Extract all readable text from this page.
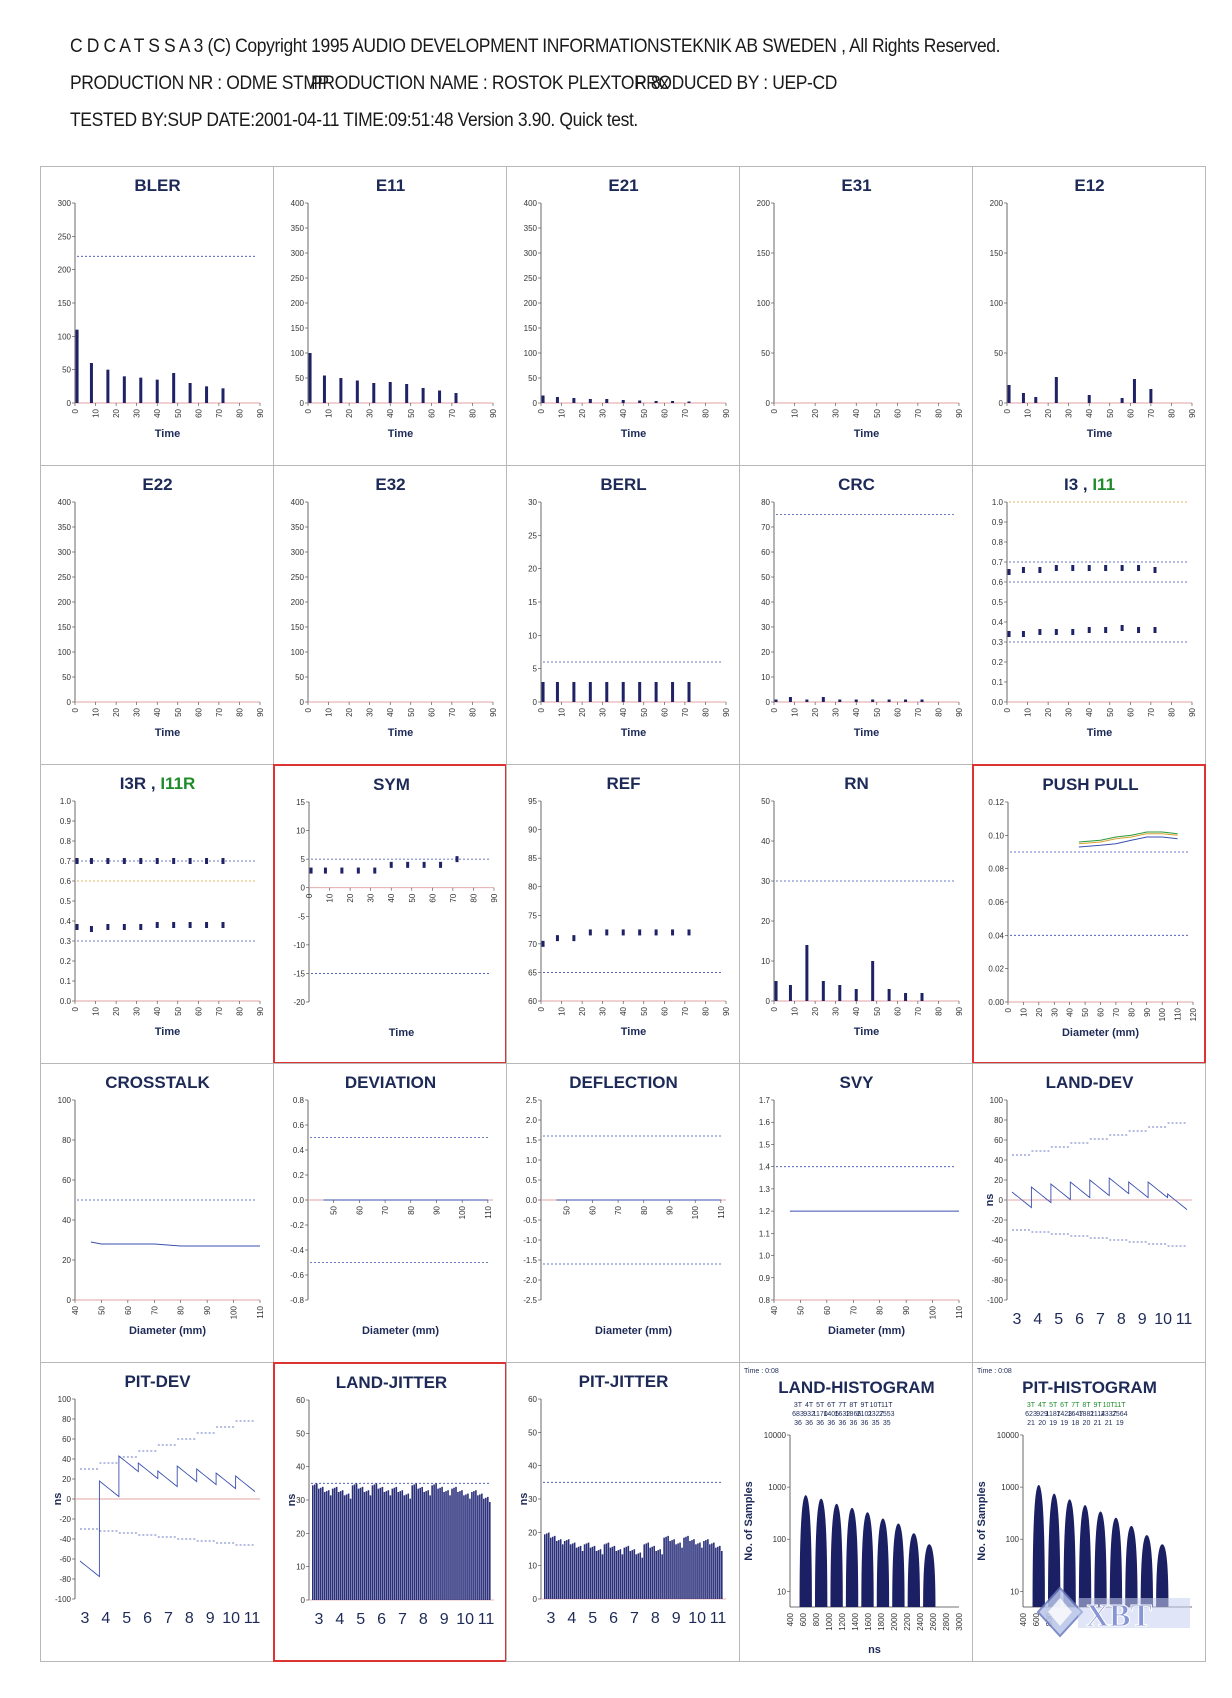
C D C A T S S A 3 (C) Copyright 1995 AUDIO DEVELOPMENT INFORMATIONSTEKNIK AB SWEDEN , All Rights Reserved.
PRODUCTION NR : ODME STMPPRODUCTION NAME : ROSTOK PLEXTOR 8xPRODUCED BY : UEP-CD
TESTED BY:SUP DATE:2001-04-11 TIME:09:51:48 Version 3.90. Quick test.
BLER
0
50
100
150
200
250
300
0 10 20 30 40 50 60 70 80 90
Time
E11
0
50
100
150
200
250
300
350
400
0 10 20 30 40 50 60 70 80 90
Time
E21
0
50
100
150
200
250
300
350
400
0 10 20 30 40 50 60 70 80 90
Time
E31
0
50
100
150
200
0 10 20 30 40 50 60 70 80 90
Time
E12
0
50
100
150
200
0 10 20 30 40 50 60 70 80 90
Time
E22
0
50
100
150
200
250
300
350
400
0 10 20 30 40 50 60 70 80 90
Time
E32
0
50
100
150
200
250
300
350
400
0 10 20 30 40 50 60 70 80 90
Time
BERL
0
5
10
15
20
25
30
0 10 20 30 40 50 60 70 80 90
Time
CRC
0
10
20
30
40
50
60
70
80
0 10 20 30 40 50 60 70 80 90
Time
I3 , I11
0.0
0.1
0.2
0.3
0.4
0.5
0.6
0.7
0.8
0.9
1.0
0 10 20 30 40 50 60 70 80 90
Time
I3R , I11R
0.0
0.1
0.2
0.3
0.4
0.5
0.6
0.7
0.8
0.9
1.0
0 10 20 30 40 50 60 70 80 90
Time
SYM
-20
-15
-10
-5
0
5
10
15
0 10 20 30 40 50 60 70 80 90
Time
REF
60
65
70
75
80
85
90
95
0 10 20 30 40 50 60 70 80 90
Time
RN
0
10
20
30
40
50
0 10 20 30 40 50 60 70 80 90
Time
PUSH PULL
0.00
0.02
0.04
0.06
0.08
0.10
0.12
0 10 20 30 40 50 60 70 80 90 100 110 120
Diameter (mm)
CROSSTALK
0
20
40
60
80
100
40 50 60 70 80 90 100 110
Diameter (mm)
DEVIATION
-0.8
-0.6
-0.4
-0.2
0.0
0.2
0.4
0.6
0.8
50 60 70 80 90 100 110
Diameter (mm)
DEFLECTION
-2.5
-2.0
-1.5
-1.0
-0.5
0.0
0.5
1.0
1.5
2.0
2.5
50 60 70 80 90 100 110
Diameter (mm)
SVY
0.8
0.9
1.0
1.1
1.2
1.3
1.4
1.5
1.6
1.7
40 50 60 70 80 90 100 110
Diameter (mm)
LAND-DEV
-100
-80
-60
-40
-20
0
20
40
60
80
100
ns
3 4 5 6 7 8 9 10 11
PIT-DEV
-100
-80
-60
-40
-20
0
20
40
60
80
100
ns
3 4 5 6 7 8 9 10 11
LAND-JITTER
0
10
20
30
40
50
60
ns
3 4 5 6 7 8 9 10 11
PIT-JITTER
0
10
20
30
40
50
60
ns
3 4 5 6 7 8 9 10 11
LAND-HISTOGRAM
Time : 0:08
10
100
1000
10000
No. of Samples
400 600 800 1000 1200 1400 1600 1800 2000 2200 2400 2600 2800 3000
ns
3T
683
36
4T
932
36
5T
1170
36
6T
1405
36
7T
1632
36
8T
1866
36
9T
2101
36
10T
2327
35
11T
2553
35
PIT-HISTOGRAM
Time : 0:08
10
100
1000
10000
No. of Samples
400 600
3T
623
21
4T
929
20
5T
1187
19
6T
1423
19
7T
1647
18
8T
1881
20
9T
2114
21
10T
2337
21
11T
2564
19
XBT
